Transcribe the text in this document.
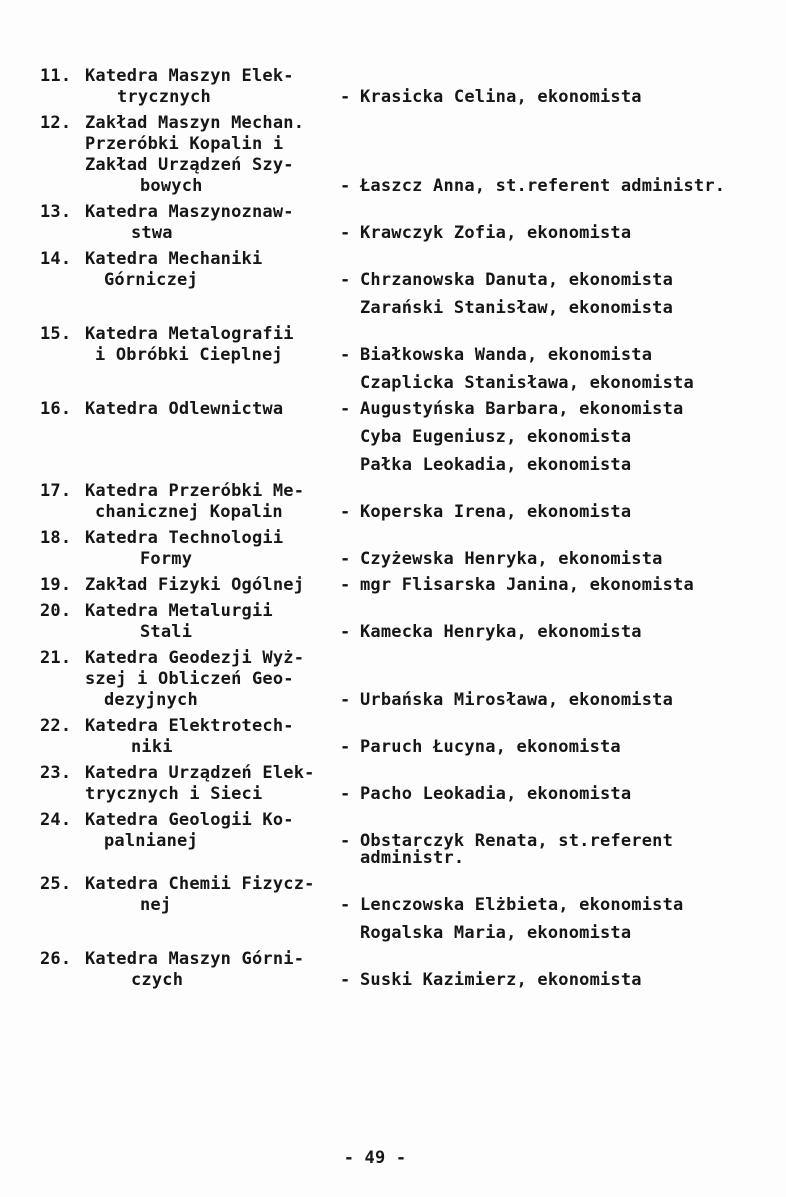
11. Katedra Maszyn Elek-
trycznych	- Krasicka Celina, ekonomista
12. Zakład Maszyn Mechan.
Przeróbki Kopalin i
Zakład Urządzeń Szy-
bowych	- Łaszcz Anna, st.referent administr.
13. Katedra Maszynoznaw-
stwa	- Krawczyk Zofia, ekonomista
14. Katedra Mechaniki
Górniczej	- Chrzanowska Danuta, ekonomista
Zarański Stanisław, ekonomista
15. Katedra Metalografii
i Obróbki Cieplnej	- Białkowska Wanda, ekonomista
Czaplicka Stanisława, ekonomista
16. Katedra Odlewnictwa	- Augustyńska Barbara, ekonomista
Cyba Eugeniusz, ekonomista
Pałka Leokadia, ekonomista
17. Katedra Przeróbki Me-
chanicznej Kopalin	- Koperska Irena, ekonomista
18. Katedra Technologii
Formy	- Czyżewska Henryka, ekonomista
19. Zakład Fizyki Ogólnej	- mgr Flisarska Janina, ekonomista
20. Katedra Metalurgii
Stali	- Kamecka Henryka, ekonomista
21. Katedra Geodezji Wyż-
szej i Obliczeń Geo-
dezyjnych	- Urbańska Mirosława, ekonomista
22. Katedra Elektrotech-
niki	- Paruch Łucyna, ekonomista
23. Katedra Urządzeń Elek-
trycznych i Sieci	- Pacho Leokadia, ekonomista
24. Katedra Geologii Ko-
palnianej	- Obstarczyk Renata, st.referent
administr.
25. Katedra Chemii Fizycz-
nej	- Lenczowska Elżbieta, ekonomista
Rogalska Maria, ekonomista
26. Katedra Maszyn Górni-
czych	- Suski Kazimierz, ekonomista
- 49 -
